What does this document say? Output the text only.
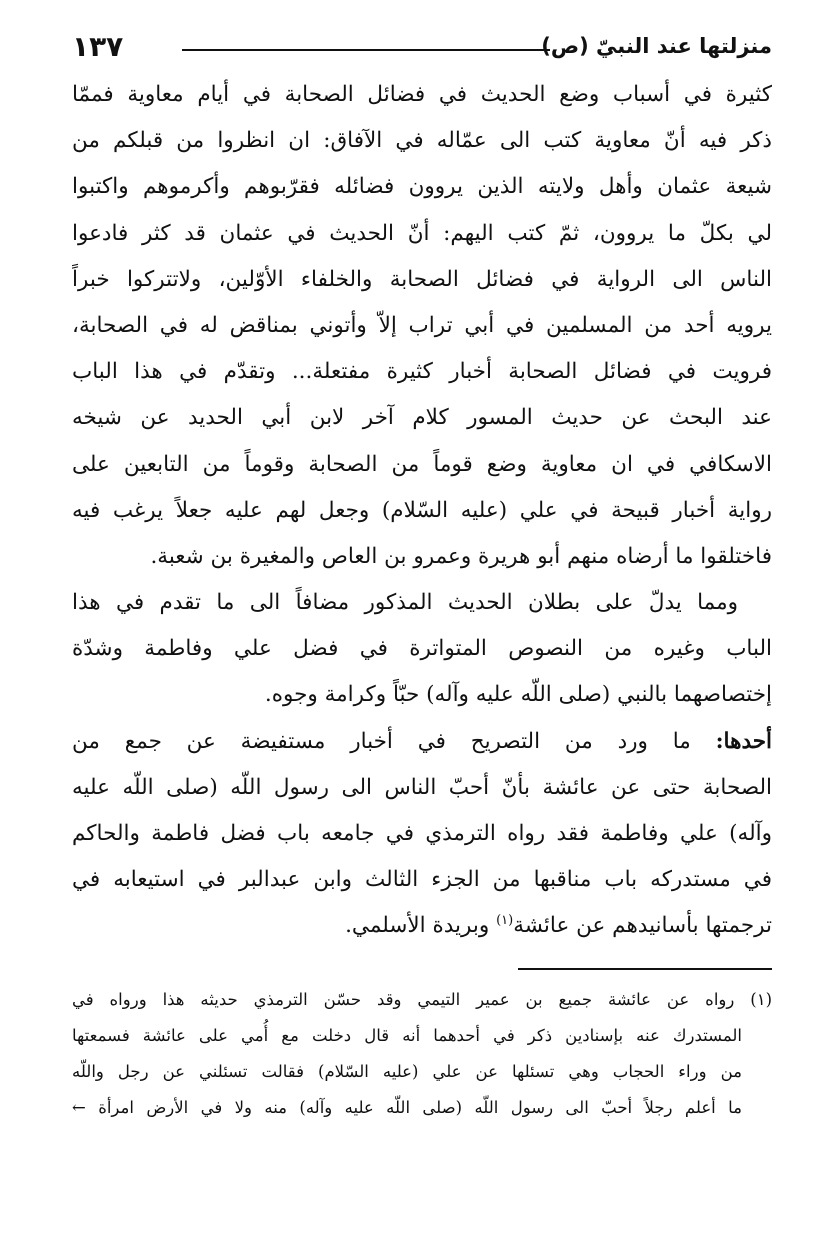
منزلتها عند النبيّ (ص)
١٣٧
كثيرة في أسباب وضع الحديث في فضائل الصحابة في أيام معاوية فممّا
ذكر فيه أنّ معاوية كتب الى عمّاله في الآفاق: ان انظروا من قبلكم من
شيعة عثمان وأهل ولايته الذين يروون فضائله فقرّبوهم وأكرموهم واكتبوا
لي بكلّ ما يروون، ثمّ كتب اليهم: أنّ الحديث في عثمان قد كثر فادعوا
الناس الى الرواية في فضائل الصحابة والخلفاء الأوّلين، ولاتتركوا خبراً
يرويه أحد من المسلمين في أبي تراب إلاّ وأتوني بمناقض له في الصحابة،
فرويت في فضائل الصحابة أخبار كثيرة مفتعلة... وتقدّم في هذا الباب
عند البحث عن حديث المسور كلام آخر لابن أبي الحديد عن شيخه
الاسكافي في ان معاوية وضع قوماً من الصحابة وقوماً من التابعين على
رواية أخبار قبيحة في علي (عليه السّلام) وجعل لهم عليه جعلاً يرغب فيه
فاختلقوا ما أرضاه منهم أبو هريرة وعمرو بن العاص والمغيرة بن شعبة.
ومما يدلّ على بطلان الحديث المذكور مضافاً الى ما تقدم في هذا
الباب وغيره من النصوص المتواترة في فضل علي وفاطمة وشدّة
إختصاصهما بالنبي (صلى اللّه عليه وآله) حبّاً وكرامة وجوه.
أحدها: ما ورد من التصريح في أخبار مستفيضة عن جمع من
الصحابة حتى عن عائشة بأنّ أحبّ الناس الى رسول اللّه (صلى اللّه عليه
وآله) علي وفاطمة فقد رواه الترمذي في جامعه باب فضل فاطمة والحاكم
في مستدركه باب مناقبها من الجزء الثالث وابن عبدالبر في استيعابه في
ترجمتها بأسانيدهم عن عائشة$^{(١)}$ وبريدة الأسلمي.
(١) رواه عن عائشة جميع بن عمير التيمي وقد حسّن الترمذي حديثه هذا ورواه في
المستدرك عنه بإسنادين ذكر في أحدهما أنه قال دخلت مع أُمي على عائشة فسمعتها
من وراء الحجاب وهي تسئلها عن علي (عليه السّلام) فقالت تسئلني عن رجل واللّه
ما أعلم رجلاً أحبّ الى رسول اللّه (صلى اللّه عليه وآله) منه ولا في الأرض امرأة ←
